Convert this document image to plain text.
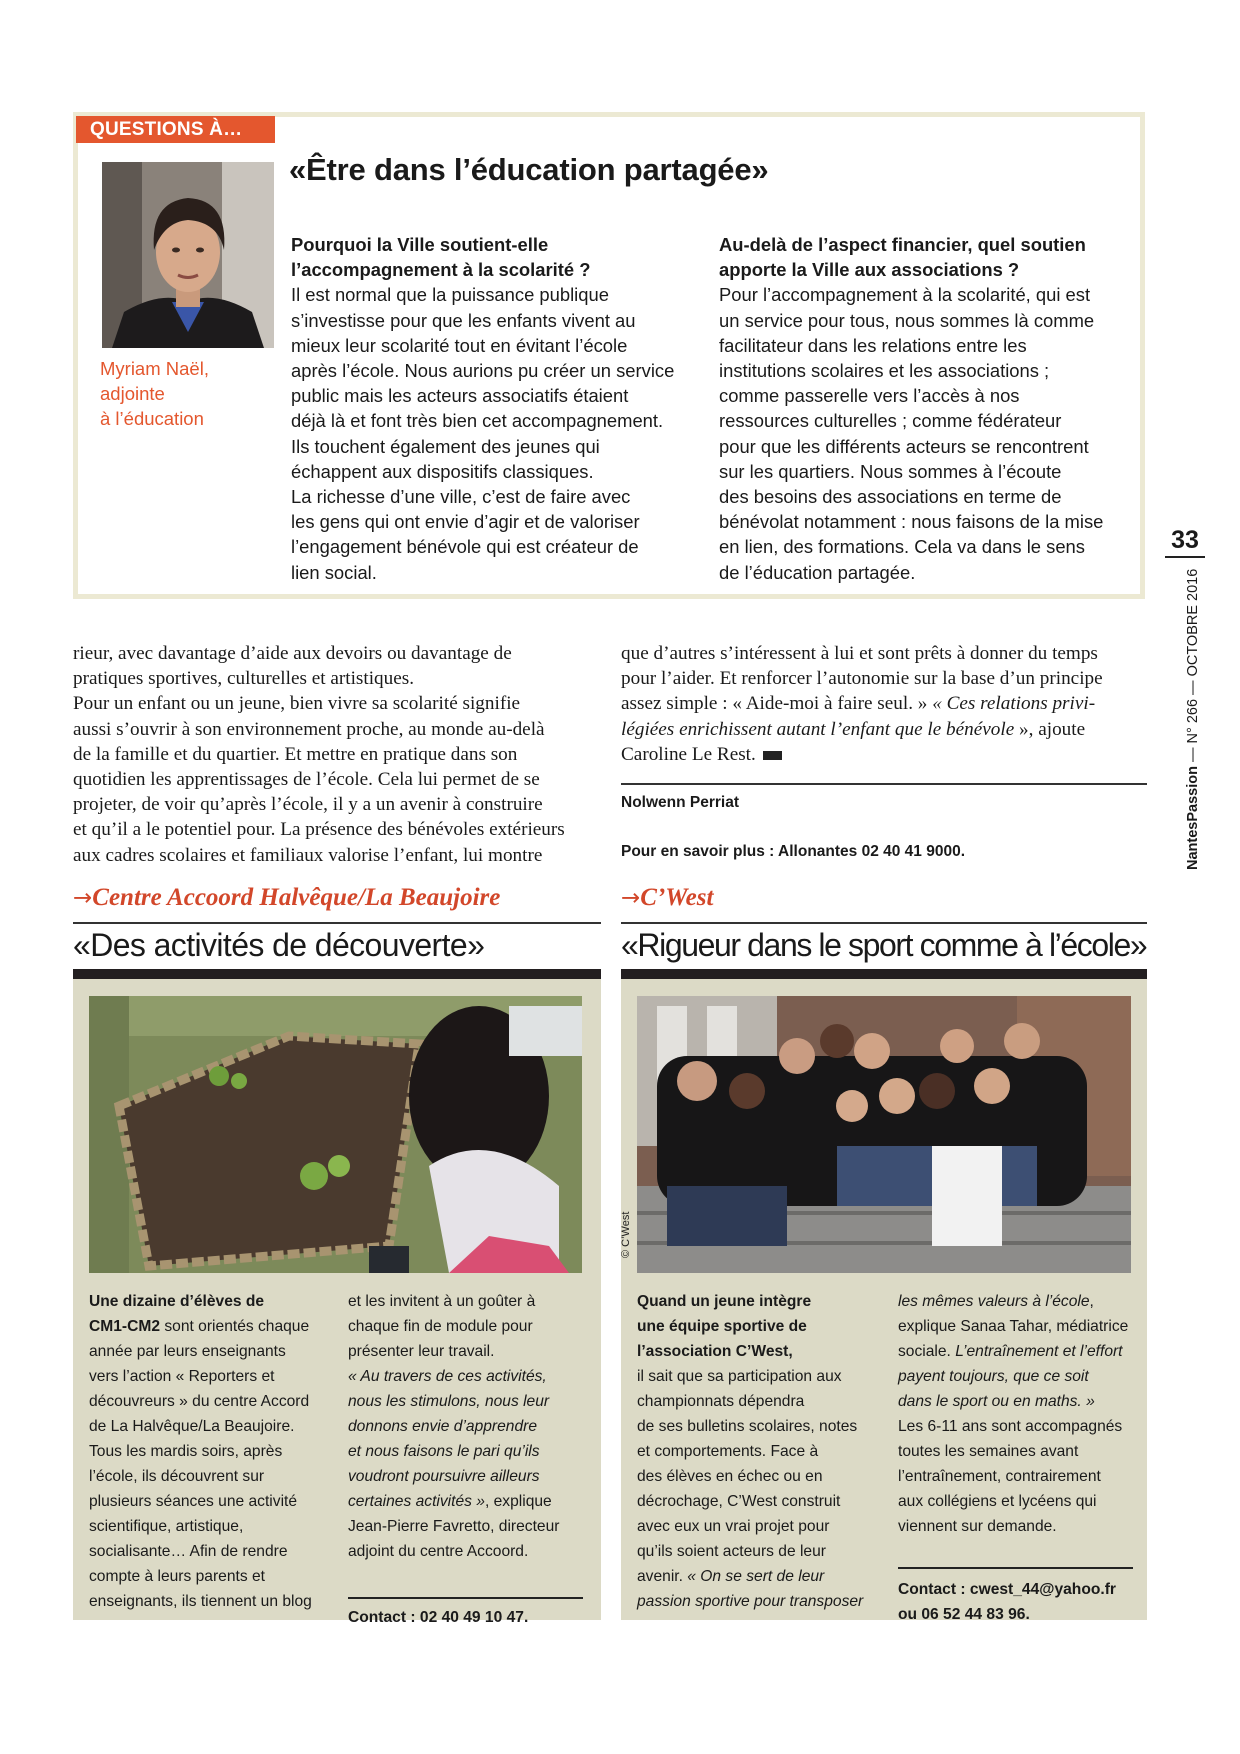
QUESTIONS À…
«Être dans l’éducation partagée»
Myriam Naël,
adjointe
à l’éducation

Pourquoi la Ville soutient-elle

l’accompagnement à la scolarité ?

Il est normal que la puissance publique

s’investisse pour que les enfants vivent au

mieux leur scolarité tout en évitant l’école

après l’école. Nous aurions pu créer un service

public mais les acteurs associatifs étaient

déjà là et font très bien cet accompagnement.

Ils touchent également des jeunes qui

échappent aux dispositifs classiques.

La richesse d’une ville, c’est de faire avec

les gens qui ont envie d’agir et de valoriser

l’engagement bénévole qui est créateur de

lien social.

Au-delà de l’aspect financier, quel soutien

apporte la Ville aux associations ?

Pour l’accompagnement à la scolarité, qui est

un service pour tous, nous sommes là comme

facilitateur dans les relations entre les

institutions scolaires et les associations ;

comme passerelle vers l’accès à nos

ressources culturelles ; comme fédérateur

pour que les différents acteurs se rencontrent

sur les quartiers. Nous sommes à l’écoute

des besoins des associations en terme de

bénévolat notamment : nous faisons de la mise

en lien, des formations. Cela va dans le sens

de l’éducation partagée.

33
NantesPassion — N° 266 — OCTOBRE 2016

rieur, avec davantage d’aide aux devoirs ou davantage de

pratiques sportives, culturelles et artistiques.

Pour un enfant ou un jeune, bien vivre sa scolarité signifie

aussi s’ouvrir à son environnement proche, au monde au-delà

de la famille et du quartier. Et mettre en pratique dans son

quotidien les apprentissages de l’école. Cela lui permet de se

projeter, de voir qu’après l’école, il y a un avenir à construire

et qu’il a le potentiel pour. La présence des bénévoles extérieurs

aux cadres scolaires et familiaux valorise l’enfant, lui montre

que d’autres s’intéressent à lui et sont prêts à donner du temps

pour l’aider. Et renforcer l’autonomie sur la base d’un principe

assez simple : « Aide-moi à faire seul. » « Ces relations privi-

légiées enrichissent autant l’enfant que le bénévole », ajoute

Caroline Le Rest.

Nolwenn Perriat
Pour en savoir plus : Allonantes 02 40 41 9000.
→Centre Accoord Halvêque/La Beaujoire
«Des activités de découverte»

Une dizaine d’élèves de

CM1-CM2 sont orientés chaque

année par leurs enseignants

vers l’action « Reporters et

découvreurs » du centre Accord

de La Halvêque/La Beaujoire.

Tous les mardis soirs, après

l’école, ils découvrent sur

plusieurs séances une activité

scientifique, artistique,

socialisante… Afin de rendre

compte à leurs parents et

enseignants, ils tiennent un blog

et les invitent à un goûter à

chaque fin de module pour

présenter leur travail.

« Au travers de ces activités,

nous les stimulons, nous leur

donnons envie d’apprendre

et nous faisons le pari qu’ils

voudront poursuivre ailleurs

certaines activités », explique

Jean-Pierre Favretto, directeur

adjoint du centre Accoord.

Contact : 02 40 49 10 47.
→C’West
«Rigueur dans le sport comme à l’école»
© C’West

Quand un jeune intègre

une équipe sportive de

l’association C’West,

il sait que sa participation aux

championnats dépendra

de ses bulletins scolaires, notes

et comportements. Face à

des élèves en échec ou en

décrochage, C’West construit

avec eux un vrai projet pour

qu’ils soient acteurs de leur

avenir. « On se sert de leur

passion sportive pour transposer

les mêmes valeurs à l’école,

explique Sanaa Tahar, médiatrice

sociale. L’entraînement et l’effort

payent toujours, que ce soit

dans le sport ou en maths. »

Les 6-11 ans sont accompagnés

toutes les semaines avant

l’entraînement, contrairement

aux collégiens et lycéens qui

viennent sur demande.

Contact : cwest_44@yahoo.fr
ou 06 52 44 83 96.
